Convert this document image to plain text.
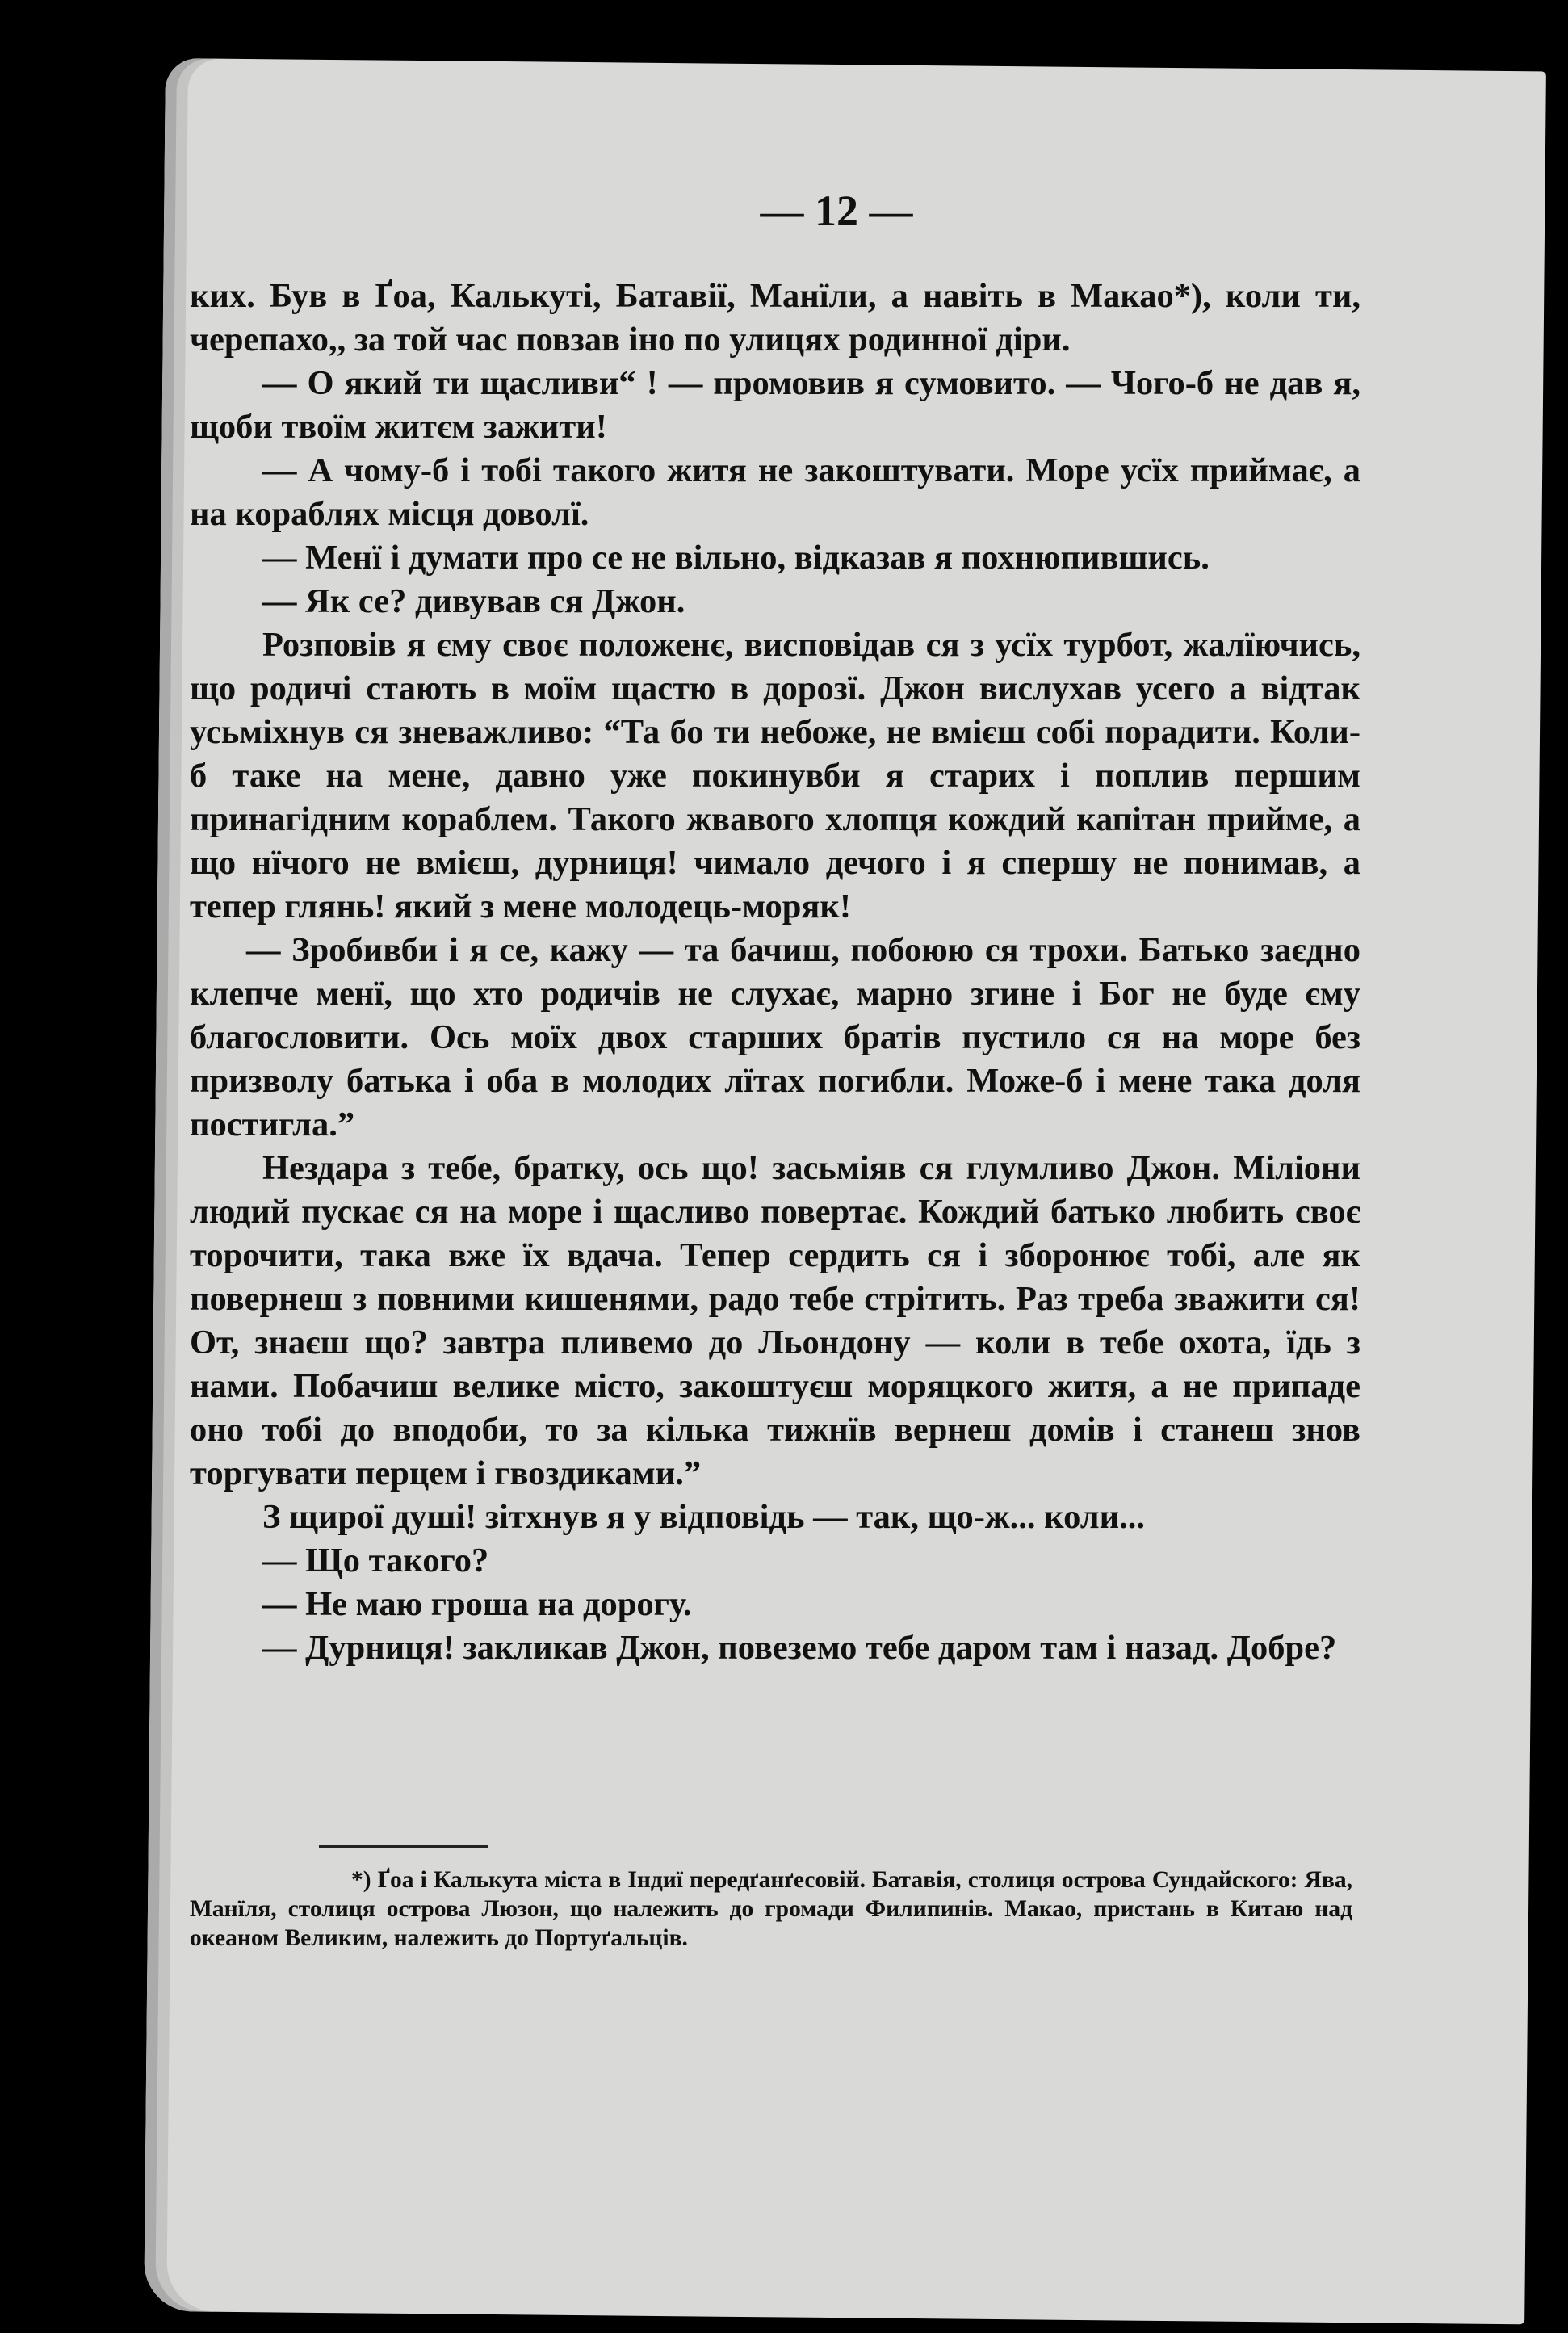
— 12 —

ких. Був в Ґоа, Калькуті, Батавії, Манїли, а навіть в Макао*), коли ти, черепахо,, за той час повзав іно по улицях родинної діри.

— О який ти щасливи“ ! — промовив я сумовито. — Чого-б не дав я, щоби твоїм житєм зажити!

— А чому-б і тобі такого житя не закоштувати. Море усїх приймає, а на кораблях місця доволї.

— Менї і думати про се не вільно, відказав я похнюпившись.

— Як се? дивував ся Джон.

Розповів я єму своє положенє, висповідав ся з усїх турбот, жалїючись, що родичі стають в моїм щастю в дорозї. Джон вислухав усего а відтак усьміхнув ся зневажливо: “Та бо ти небоже, не вмієш собі порадити. Коли-б таке на мене, давно уже покинувби я старих і поплив першим принагідним кораблем. Такого жвавого хлопця кождий капітан прийме, а що нїчого не вмієш, дурниця! чимало дечого і я спершу не понимав, а тепер глянь! який з мене молодець-моряк!

— Зробивби і я се, кажу — та бачиш, побоюю ся трохи. Батько заєдно клепче менї, що хто родичів не слухає, марно згине і Бог не буде єму благословити. Ось моїх двох старших братів пустило ся на море без призволу батька і оба в молодих лїтах погибли. Може-б і мене така доля постигла.”

Нездара з тебе, братку, ось що! засьміяв ся глумливо Джон. Міліони людий пускає ся на море і щасливо повертає. Кождий батько любить своє торочити, така вже їх вдача. Тепер сердить ся і зборонює тобі, але як повернеш з повними кишенями, радо тебе стрітить. Раз треба зважити ся! От, знаєш що? завтра пливемо до Льондону — коли в тебе охота, їдь з нами. Побачиш велике місто, закоштуєш моряцкого житя, а не припаде оно тобі до вподоби, то за кілька тижнїв вернеш домів і станеш знов торгувати перцем і гвоздиками.”

З щирої душі! зітхнув я у відповідь — так, що-ж... коли...

— Що такого?

— Не маю гроша на дорогу.

— Дурниця! закликав Джон, повеземо тебе даром там і назад. Добре?

*) Ґоа і Калькута міста в Індиї передґанґесовій. Батавія, столиця острова Сундайского: Ява, Манїля, столиця острова Люзон, що належить до громади Филипинів. Макао, пристань в Китаю над океаном Великим, належить до Портуґальців.
